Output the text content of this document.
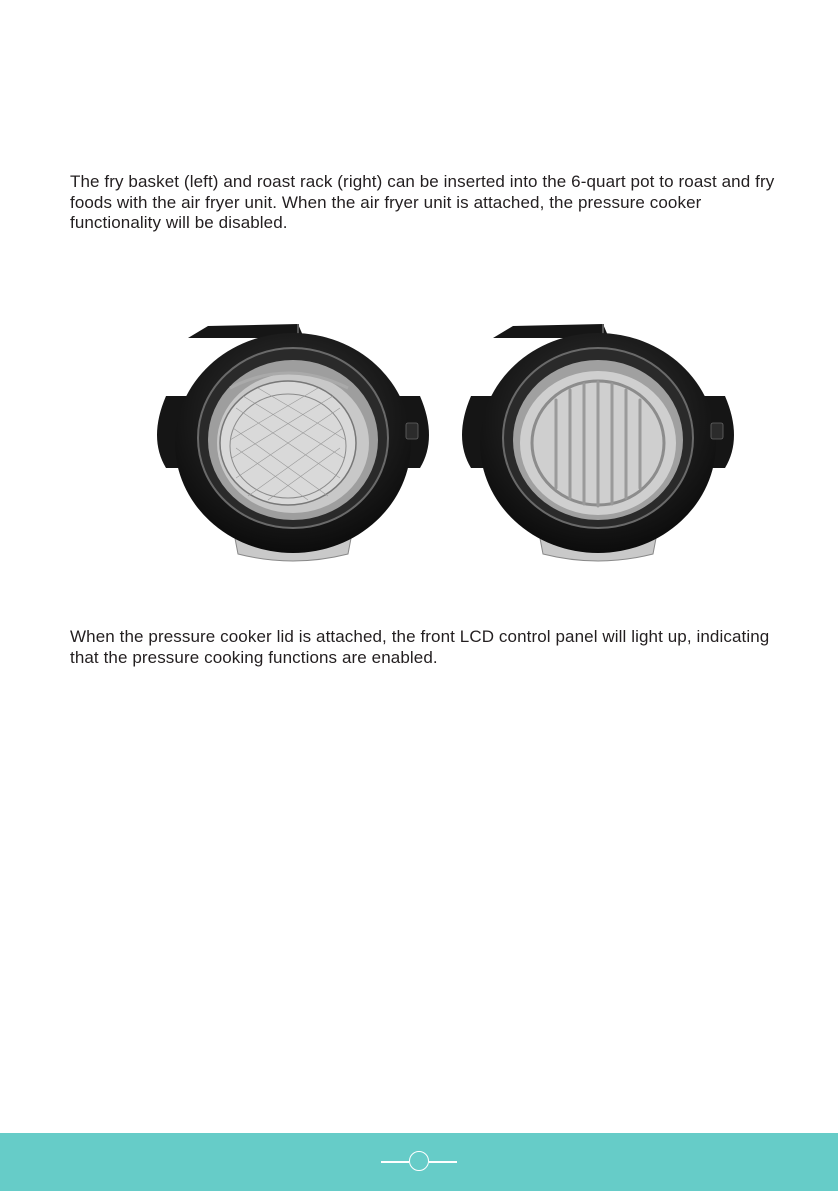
The fry basket (left) and roast rack (right) can be inserted into the 6-quart pot to roast and fry foods with the air fryer unit. When the air fryer unit is attached, the pressure cooker functionality will be disabled.

When the pressure cooker lid is attached, the front LCD control panel will light up, indicating that the pressure cooking functions are enabled.
